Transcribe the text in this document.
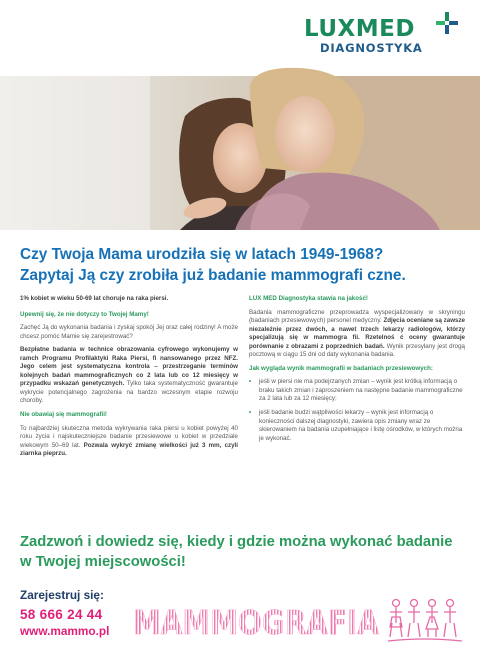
LUXMED
DIAGNOSTYKA
Czy Twoja Mama urodziła się w latach 1949-1968?
Zapytaj Ją czy zrobiła już badanie mammograﬁ czne.

1% kobiet w wieku 50-69 lat choruje na raka piersi.

Upewnij się, że nie dotyczy to Twojej Mamy!

Zachęć Ją do wykonania badania i zyskaj spokój Jej oraz całej rodziny! A może chcesz pomóc Mamie się zarejestrować?

Bezpłatne badania w technice obrazowania cyfrowego wykonujemy w ramch Programu Profilaktyki Raka Piersi, fi nansowanego przez NFZ. Jego celem jest systematyczna kontrola – przestrzeganie terminów kolejnych badań mammograficznych co 2 lata lub co 12 miesięcy w przypadku wskazań genetycznych. Tylko taka systematyczność gwarantuje wykrycie potencjalnego zagrożenia na bardzo wczesnym etapie rozwoju choroby.

Nie obawiaj się mammografii!

To najbardziej skuteczna metoda wykrywania raka piersi u kobiet powyżej 40 roku życia i najskuteczniejsze badanie przesiewowe u kobiet w przedziale wiekowym 50–69 lat. Pozwala wykryć zmianę wielkości już 3 mm, czyli ziarnka pieprzu.

LUX MED Diagnostyka stawia na jakość!

Badania mammograficzne przeprowadza wyspecjalizowany w skryningu (badaniach przesiewowych) personel medyczny. Zdjęcia oceniane są zawsze niezależnie przez dwóch, a nawet trzech lekarzy radiologów, którzy specjalizują się w mammogra fii. Rzetelnoś ć oceny gwarantuje porównanie z obrazami z poprzednich badań. Wynik przesyłany jest drogą pocztową w ciągu 15 dni od daty wykonania badania.

Jak wygląda wynik mammografii w badaniach przesiewowych:

• jeśli w piersi nie ma podejrzanych zmian – wynik jest krótką informacją o braku takich zmian i zaproszeniem na następne badanie mammograficzne za 2 lata lub za 12 miesięcy;
• jeśli badanie budzi wątpliwości lekarzy – wynik jest informacją o konieczności dalszej diagnostyki, zawiera opis zmiany wraz ze skierowaniem na badania uzupełniające i listę ośrodków, w których można je wykonać.
Zadzwoń i dowiedz się, kiedy i gdzie można wykonać badanie
w Twojej miejscowości!
Zarejestruj się:
58 666 24 44
www.mammo.pl MAMMOGRAFIA
